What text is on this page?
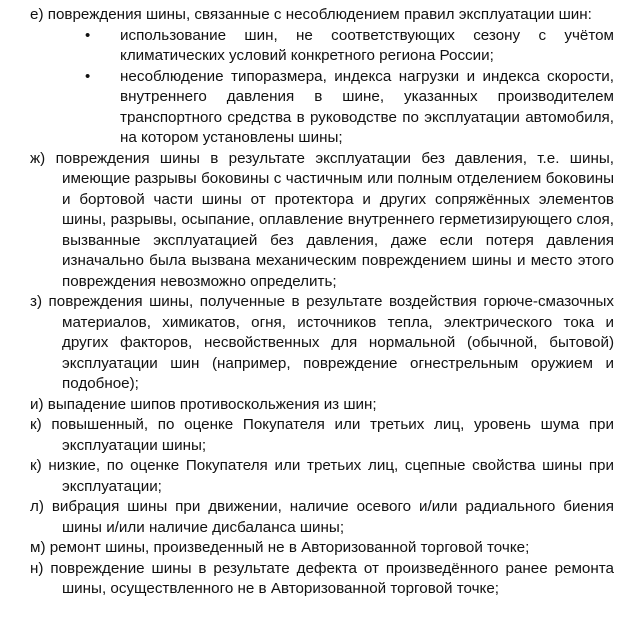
е) повреждения шины, связанные с несоблюдением правил эксплуатации шин:

• использование шин, не соответствующих сезону с учётом климатических условий конкретного региона России;
• несоблюдение типоразмера, индекса нагрузки и индекса скорости, внутреннего давления в шине, указанных производителем транспортного средства в руководстве по эксплуатации автомобиля, на котором установлены шины;

ж) повреждения шины в результате эксплуатации без давления, т.е. шины, имеющие разрывы боковины с частичным или полным отделением боковины и бортовой части шины от протектора и других сопряжённых элементов шины, разрывы, осыпание, оплавление внутреннего герметизирующего слоя, вызванные эксплуатацией без давления, даже если потеря давления изначально была вызвана механическим повреждением шины и место этого повреждения невозможно определить;

з) повреждения шины, полученные в результате воздействия горюче-смазочных материалов, химикатов, огня, источников тепла, электрического тока и других факторов, несвойственных для нормальной (обычной, бытовой) эксплуатации шин (например, повреждение огнестрельным оружием и подобное);

и) выпадение шипов противоскольжения из шин;

к) повышенный, по оценке Покупателя или третьих лиц, уровень шума при эксплуатации шины;

к) низкие, по оценке Покупателя или третьих лиц, сцепные свойства шины при эксплуатации;

л) вибрация шины при движении, наличие осевого и/или радиального биения шины и/или наличие дисбаланса шины;

м) ремонт шины, произведенный не в Авторизованной торговой точке;

н) повреждение шины в результате дефекта от произведённого ранее ремонта шины, осуществленного не в Авторизованной торговой точке;
